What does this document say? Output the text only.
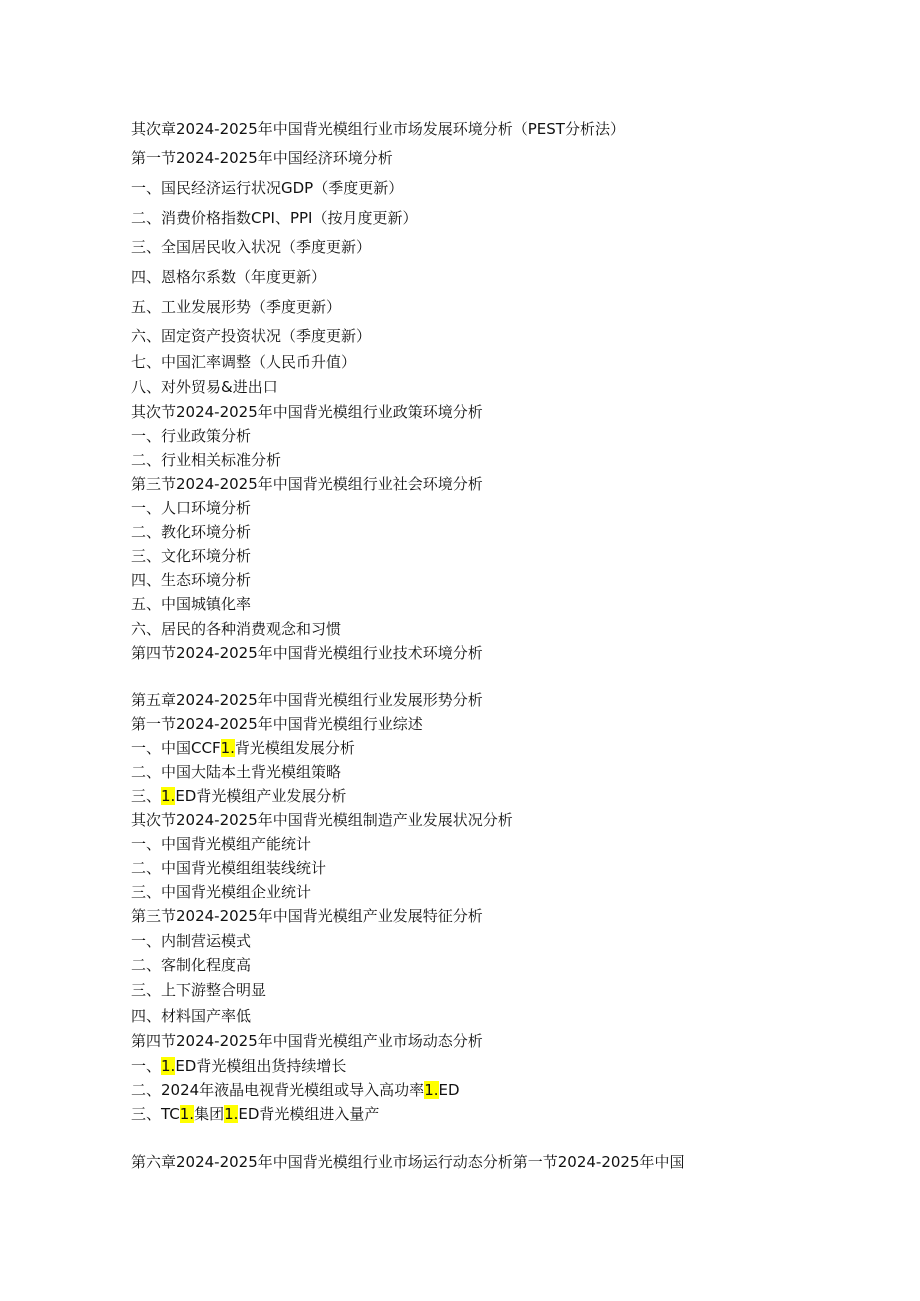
其次章2024-2025年中国背光模组行业市场发展环境分析（PEST分析法）
第一节2024-2025年中国经济环境分析
一、国民经济运行状况GDP（季度更新）
二、消费价格指数CPI、PPI（按月度更新）
三、全国居民收入状况（季度更新）
四、恩格尔系数（年度更新）
五、工业发展形势（季度更新）
六、固定资产投资状况（季度更新）
七、中国汇率调整（人民币升值）
八、对外贸易&进出口
其次节2024-2025年中国背光模组行业政策环境分析
一、行业政策分析
二、行业相关标准分析
第三节2024-2025年中国背光模组行业社会环境分析
一、人口环境分析
二、教化环境分析
三、文化环境分析
四、生态环境分析
五、中国城镇化率
六、居民的各种消费观念和习惯
第四节2024-2025年中国背光模组行业技术环境分析
第五章2024-2025年中国背光模组行业发展形势分析
第一节2024-2025年中国背光模组行业综述
一、中国CCF1.背光模组发展分析
二、中国大陆本土背光模组策略
三、1.ED背光模组产业发展分析
其次节2024-2025年中国背光模组制造产业发展状况分析
一、中国背光模组产能统计
二、中国背光模组组装线统计
三、中国背光模组企业统计
第三节2024-2025年中国背光模组产业发展特征分析
一、内制营运模式
二、客制化程度高
三、上下游整合明显
四、材料国产率低
第四节2024-2025年中国背光模组产业市场动态分析
一、1.ED背光模组出货持续增长
二、2024年液晶电视背光模组或导入高功率1.ED
三、TC1.集团1.ED背光模组进入量产
第六章2024-2025年中国背光模组行业市场运行动态分析第一节2024-2025年中国
